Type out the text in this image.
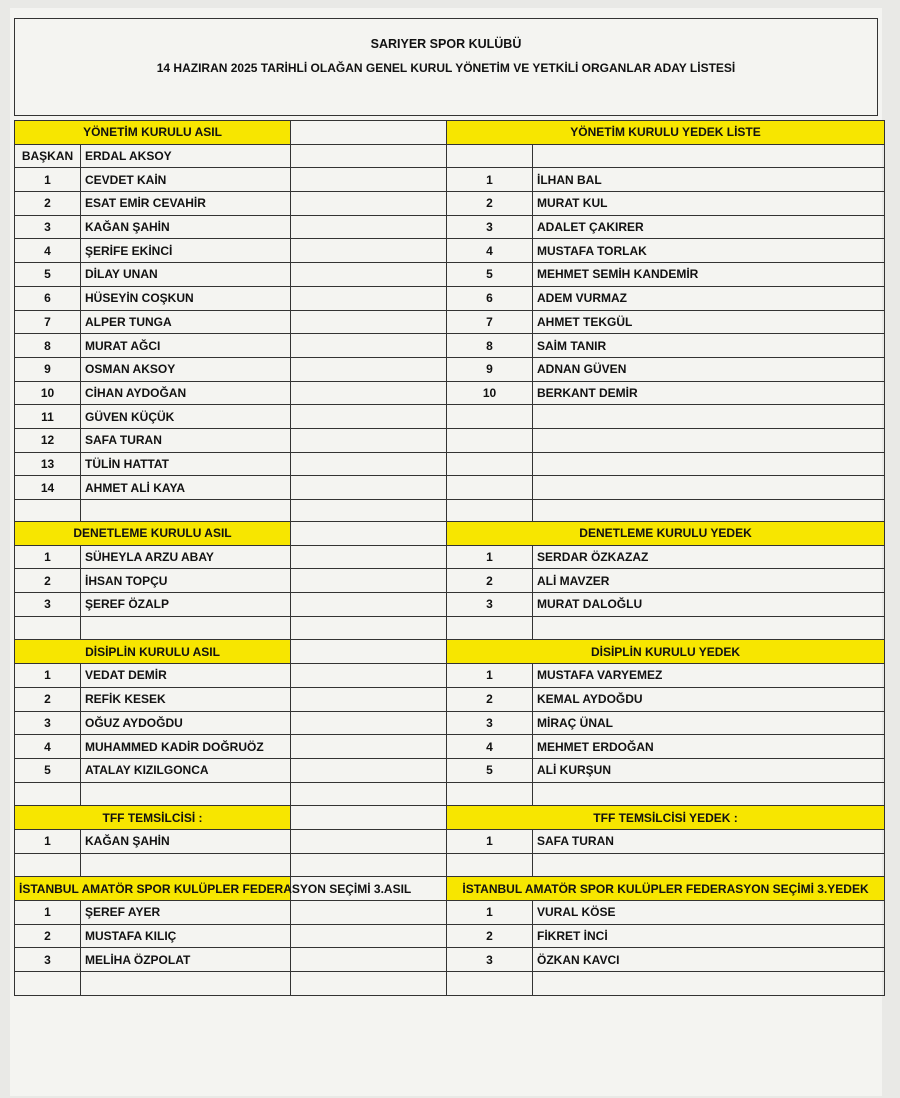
SARIYER SPOR KULÜBÜ
14 HAZIRAN 2025 TARİHLİ OLAĞAN GENEL KURUL YÖNETİM VE YETKİLİ ORGANLAR ADAY LİSTESİ
YÖNETİM KURULU ASIL			YÖNETİM KURULU YEDEK LİSTE	
BAŞKAN	ERDAL AKSOY			
1	CEVDET KAİN		1	İLHAN BAL
2	ESAT EMİR CEVAHİR		2	MURAT KUL
3	KAĞAN ŞAHİN		3	ADALET ÇAKIRER
4	ŞERİFE EKİNCİ		4	MUSTAFA TORLAK
5	DİLAY UNAN		5	MEHMET SEMİH KANDEMİR
6	HÜSEYİN COŞKUN		6	ADEM VURMAZ
7	ALPER TUNGA		7	AHMET TEKGÜL
8	MURAT AĞCI		8	SAİM TANIR
9	OSMAN AKSOY		9	ADNAN GÜVEN
10	CİHAN AYDOĞAN		10	BERKANT DEMİR
11	GÜVEN KÜÇÜK			
12	SAFA TURAN			
13	TÜLİN HATTAT			
14	AHMET ALİ KAYA			

DENETLEME KURULU ASIL			DENETLEME KURULU YEDEK	
1	SÜHEYLA ARZU ABAY		1	SERDAR ÖZKAZAZ
2	İHSAN TOPÇU		2	ALİ MAVZER
3	ŞEREF ÖZALP		3	MURAT DALOĞLU

DİSİPLİN KURULU ASIL			DİSİPLİN KURULU YEDEK	
1	VEDAT DEMİR		1	MUSTAFA VARYEMEZ
2	REFİK KESEK		2	KEMAL AYDOĞDU
3	OĞUZ AYDOĞDU		3	MİRAÇ ÜNAL
4	MUHAMMED KADİR DOĞRUÖZ		4	MEHMET ERDOĞAN
5	ATALAY KIZILGONCA		5	ALİ KURŞUN

TFF TEMSİLCİSİ :			TFF TEMSİLCİSİ YEDEK :	
1	KAĞAN ŞAHİN		1	SAFA TURAN

İSTANBUL AMATÖR SPOR KULÜPLER FEDERASYON SEÇİMİ 3.ASIL			İSTANBUL AMATÖR SPOR KULÜPLER FEDERASYON SEÇİMİ 3.YEDEK	
1	ŞEREF AYER		1	VURAL KÖSE
2	MUSTAFA KILIÇ		2	FİKRET İNCİ
3	MELİHA ÖZPOLAT		3	ÖZKAN KAVCI
